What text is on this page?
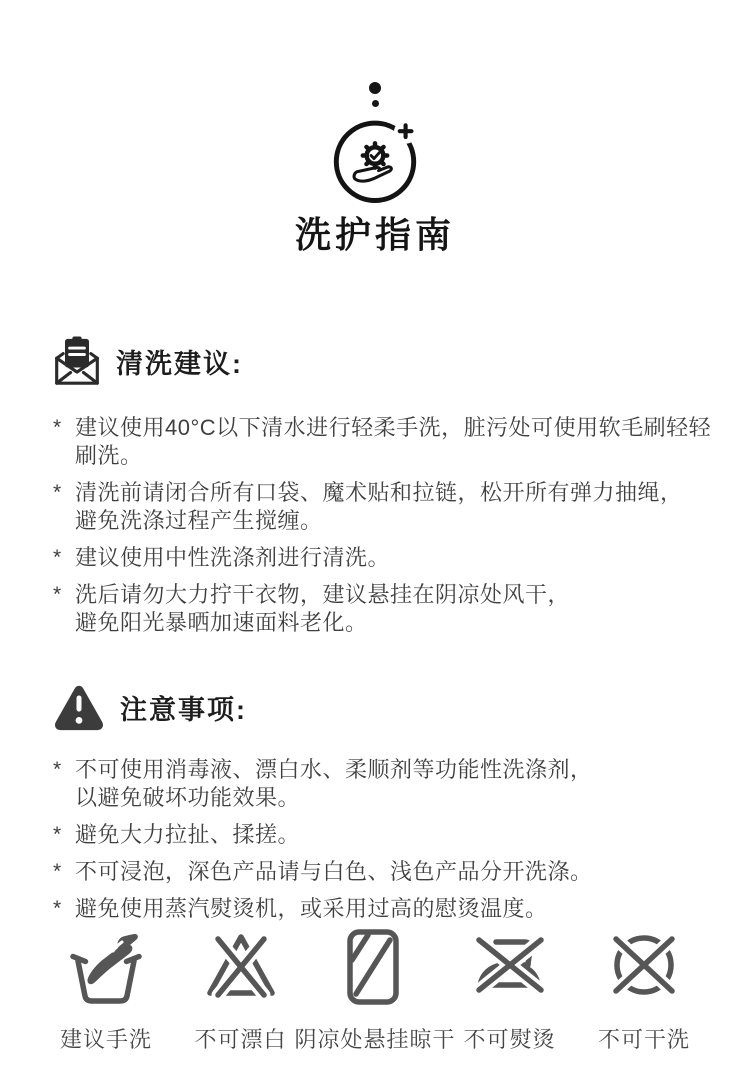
洗护指南
清洗建议:
* 建议使用40°C以下清水进行轻柔手洗，脏污处可使用软毛刷轻轻刷洗。
* 清洗前请闭合所有口袋、魔术贴和拉链，松开所有弹力抽绳，
避免洗涤过程产生搅缠。
* 建议使用中性洗涤剂进行清洗。
* 洗后请勿大力拧干衣物，建议悬挂在阴凉处风干，
避免阳光暴晒加速面料老化。
注意事项:
* 不可使用消毒液、漂白水、柔顺剂等功能性洗涤剂，
以避免破坏功能效果。
* 避免大力拉扯、揉搓。
* 不可浸泡，深色产品请与白色、浅色产品分开洗涤。
* 避免使用蒸汽熨烫机，或采用过高的慰烫温度。
建议手洗 不可漂白 阴凉处悬挂晾干 不可熨烫 不可干洗
